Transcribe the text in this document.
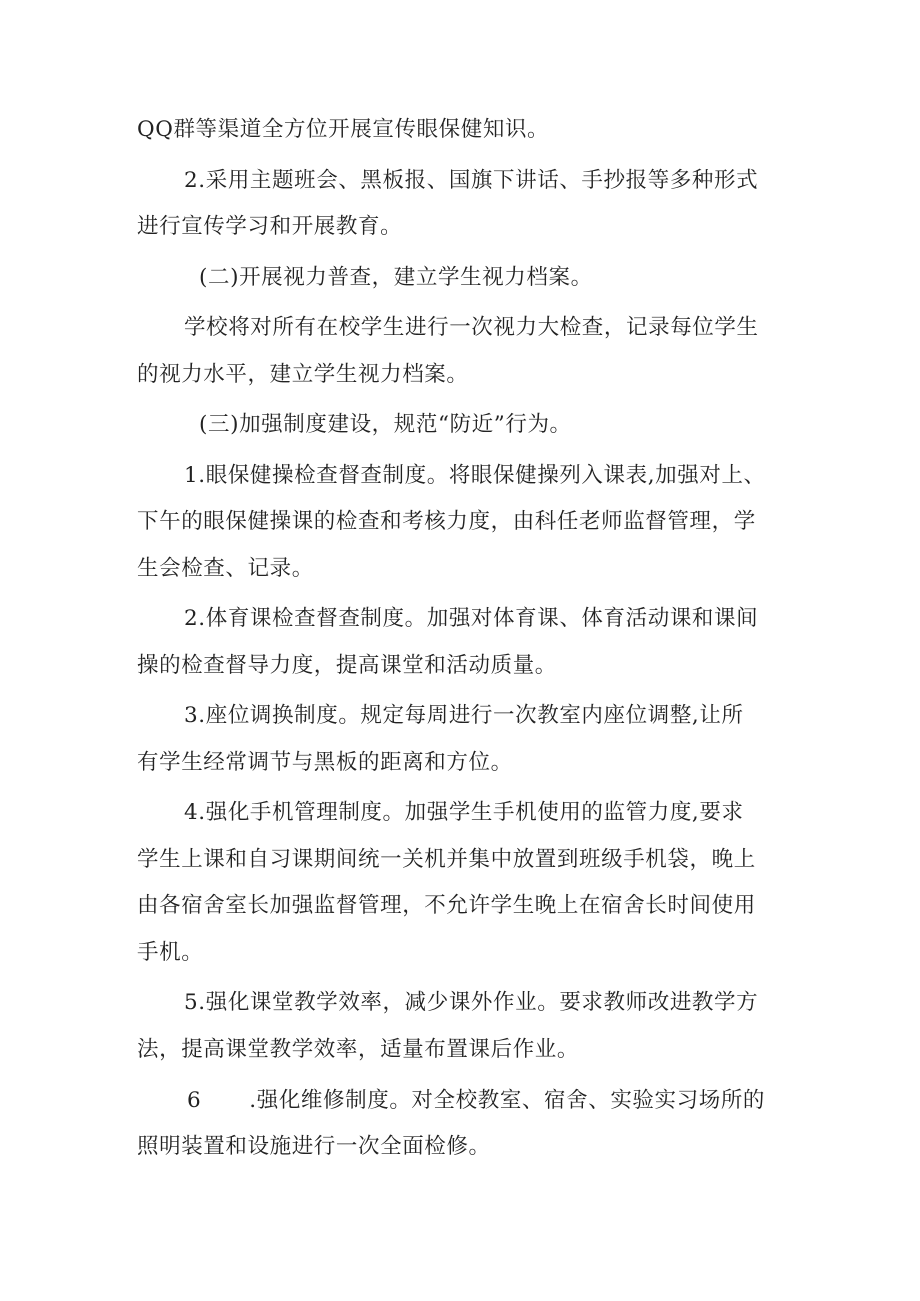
QQ群等渠道全方位开展宣传眼保健知识。
2.采用主题班会、黑板报、国旗下讲话、手抄报等多种形式
进行宣传学习和开展教育。
(二)开展视力普查，建立学生视力档案。
学校将对所有在校学生进行一次视力大检查，记录每位学生
的视力水平，建立学生视力档案。
(三)加强制度建设，规范“防近”行为。
1.眼保健操检查督查制度。将眼保健操列入课表,加强对上、
下午的眼保健操课的检查和考核力度，由科任老师监督管理，学
生会检查、记录。
2.体育课检查督查制度。加强对体育课、体育活动课和课间
操的检查督导力度，提高课堂和活动质量。
3.座位调换制度。规定每周进行一次教室内座位调整,让所
有学生经常调节与黑板的距离和方位。
4.强化手机管理制度。加强学生手机使用的监管力度,要求
学生上课和自习课期间统一关机并集中放置到班级手机袋，晚上
由各宿舍室长加强监督管理，不允许学生晚上在宿舍长时间使用
手机。
5.强化课堂教学效率，减少课外作业。要求教师改进教学方
法，提高课堂教学效率，适量布置课后作业。
6 .强化维修制度。对全校教室、宿舍、实验实习场所的
照明装置和设施进行一次全面检修。
